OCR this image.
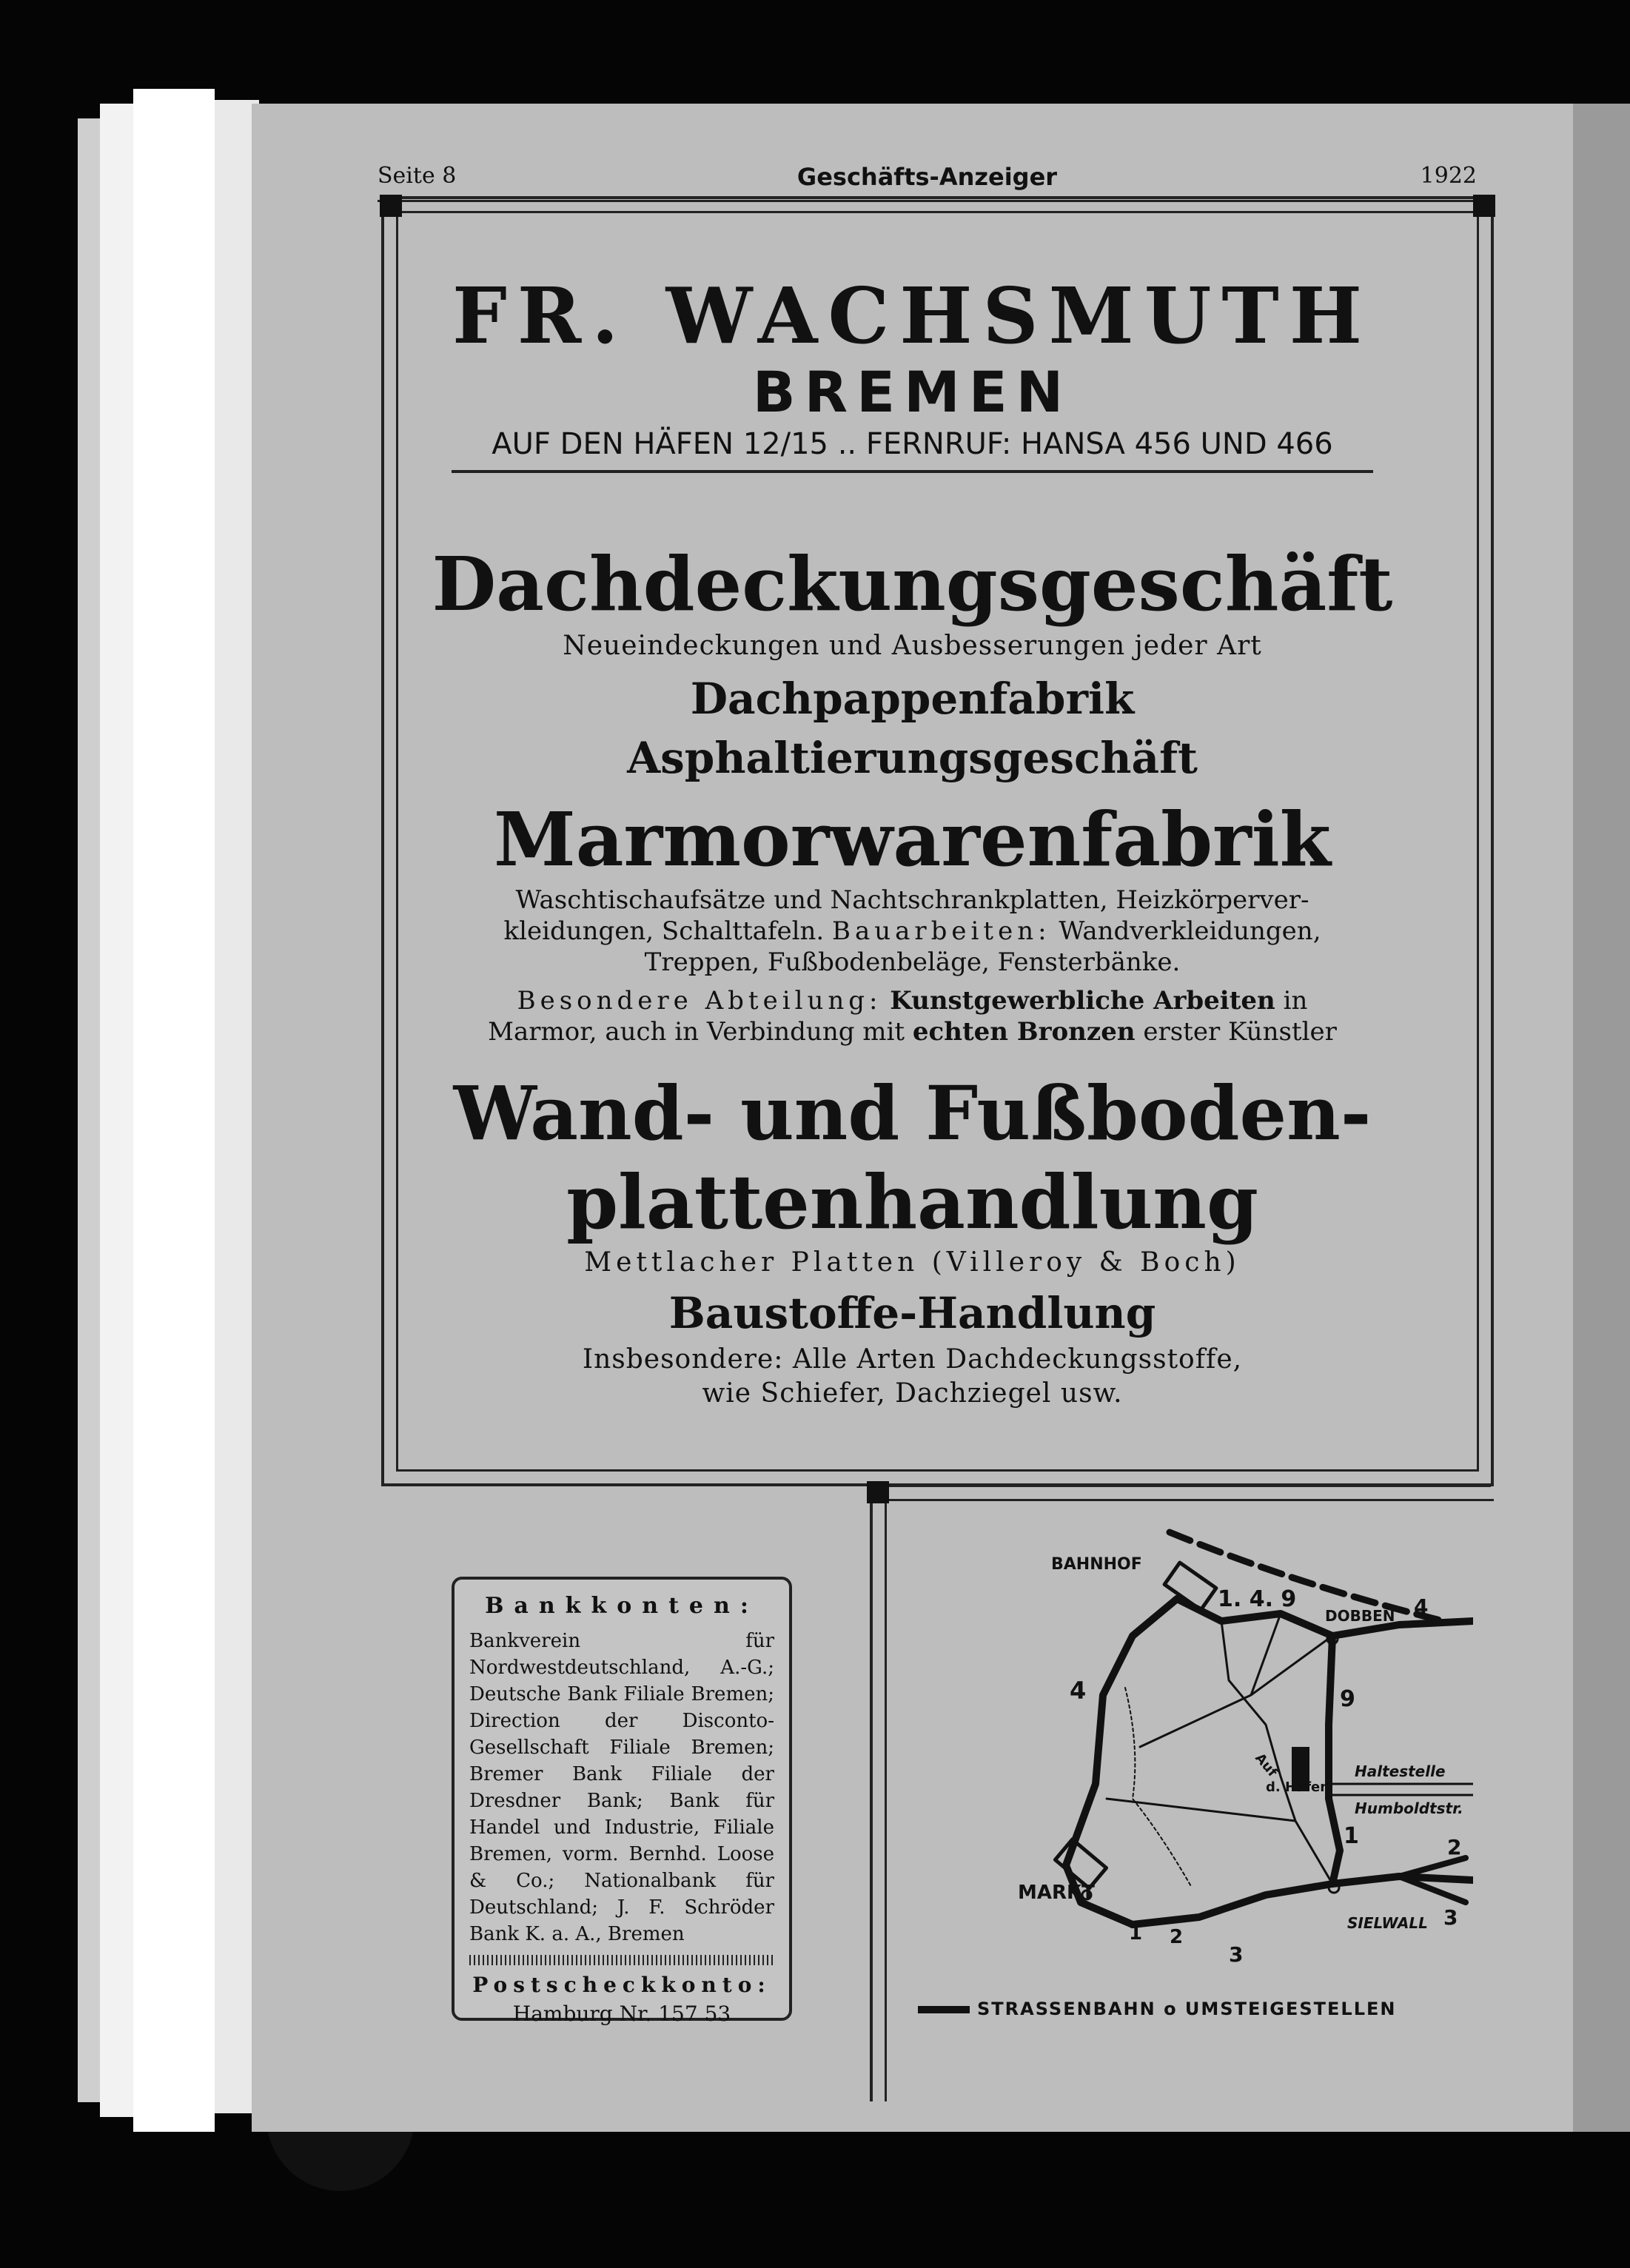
Seite 8	Geschäfts-Anzeiger	1922
FR. WACHSMUTH
BREMEN
AUF DEN HÄFEN 12/15 .. FERNRUF: HANSA 456 UND 466
Dachdeckungsgeschäft
Neueindeckungen und Ausbesserungen jeder Art
Dachpappenfabrik
Asphaltierungsgeschäft
Marmorwarenfabrik
Waschtischaufsätze und Nachtschrankplatten, Heizkörperver-
kleidungen, Schalttafeln. Bauarbeiten: Wandverkleidungen,
Treppen, Fußbodenbeläge, Fensterbänke.
Besondere Abteilung: Kunstgewerbliche Arbeiten in
Marmor, auch in Verbindung mit echten Bronzen erster Künstler
Wand- und Fußboden-
plattenhandlung
Mettlacher Platten (Villeroy & Boch)
Baustoffe-Handlung
Insbesondere: Alle Arten Dachdeckungsstoffe,
wie Schiefer, Dachziegel usw.
Bankkonten:
Bankverein für Nordwestdeutschland, A.-G.; Deutsche Bank Filiale Bremen; Direction der Disconto-Gesellschaft Filiale Bremen; Bremer Bank Filiale der Dresdner Bank; Bank für Handel und Industrie, Filiale Bremen, vorm. Bernhd. Loose & Co.; Nationalbank für Deutschland; J. F. Schröder Bank K. a. A., Bremen
Postscheckkonto:
Hamburg Nr. 157 53
BAHNHOF
MARKT
DOBBEN
SIELWALL
Haltestelle
Humboldtstr.
Auf
d. Häfen
1. 4. 9
4
4
9
1	2
3
1 2
3
STRASSENBAHN o UMSTEIGESTELLEN
